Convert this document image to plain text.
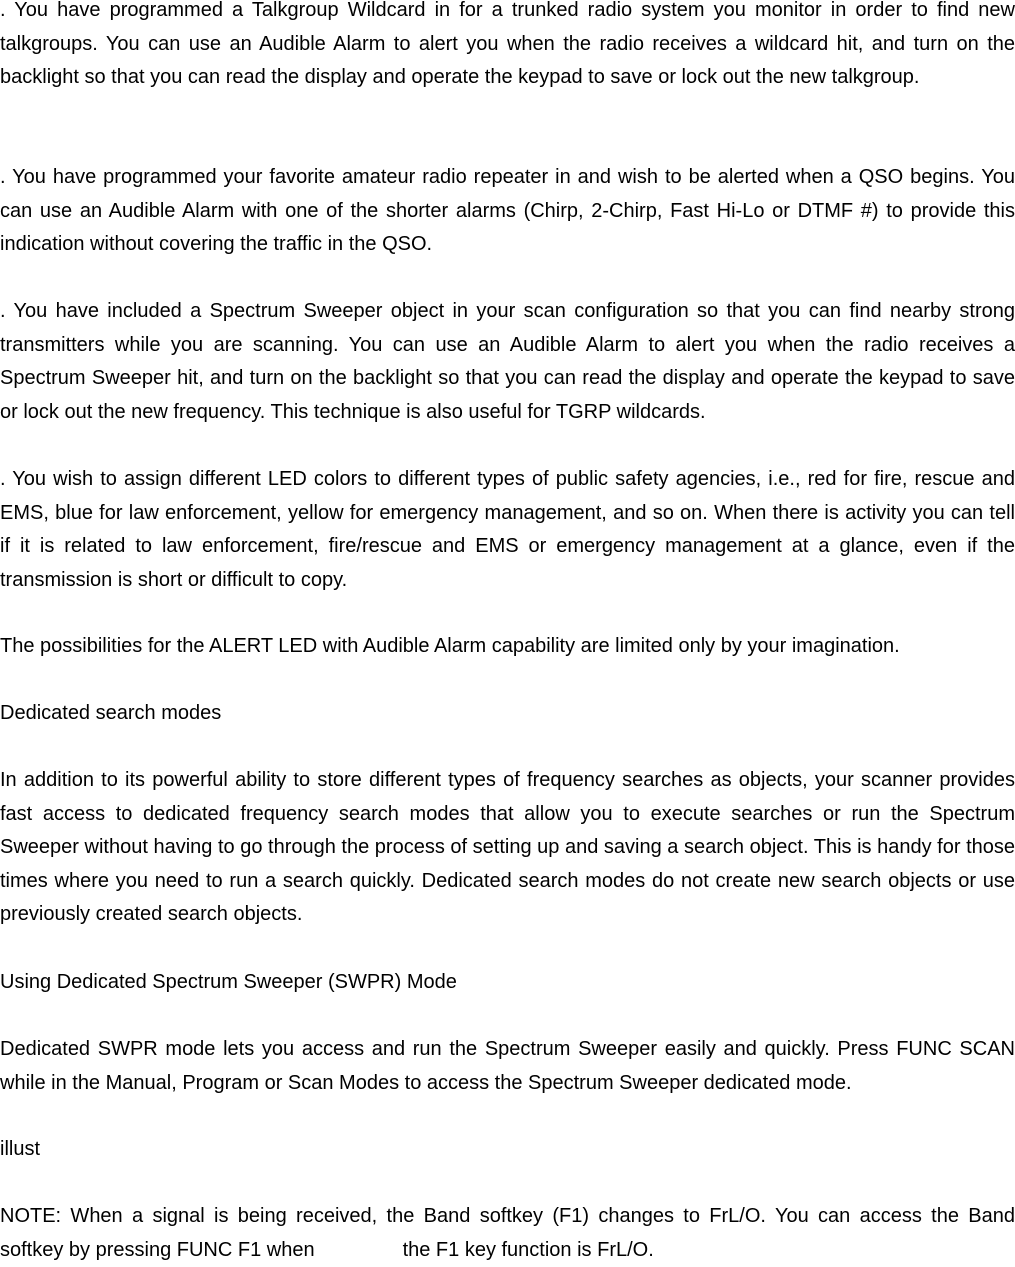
. You have programmed a Talkgroup Wildcard in for a trunked radio system you monitor in order to find new talkgroups. You can use an Audible Alarm to alert you when the radio receives a wildcard hit, and turn on the backlight so that you can read the display and operate the keypad to save or lock out the new talkgroup.

. You have programmed your favorite amateur radio repeater in and wish to be alerted when a QSO begins. You can use an Audible Alarm with one of the shorter alarms (Chirp, 2-Chirp, Fast Hi-Lo or DTMF #) to provide this indication without covering the traffic in the QSO.

. You have included a Spectrum Sweeper object in your scan configuration so that you can find nearby strong transmitters while you are scanning. You can use an Audible Alarm to alert you when the radio receives a Spectrum Sweeper hit, and turn on the backlight so that you can read the display and operate the keypad to save or lock out the new frequency. This technique is also useful for TGRP wildcards.

. You wish to assign different LED colors to different types of public safety agencies, i.e., red for fire, rescue and EMS, blue for law enforcement, yellow for emergency management, and so on. When there is activity you can tell if it is related to law enforcement, fire/rescue and EMS or emergency management at a glance, even if the transmission is short or difficult to copy.

The possibilities for the ALERT LED with Audible Alarm capability are limited only by your imagination.

Dedicated search modes

In addition to its powerful ability to store different types of frequency searches as objects, your scanner provides fast access to dedicated frequency search modes that allow you to execute searches or run the Spectrum Sweeper without having to go through the process of setting up and saving a search object. This is handy for those times where you need to run a search quickly. Dedicated search modes do not create new search objects or use previously created search objects.

Using Dedicated Spectrum Sweeper (SWPR) Mode

Dedicated SWPR mode lets you access and run the Spectrum Sweeper easily and quickly. Press FUNC SCAN while in the Manual, Program or Scan Modes to access the Spectrum Sweeper dedicated mode.

illust

NOTE: When a signal is being received, the Band softkey (F1) changes to FrL/O. You can access the Band softkey by pressing FUNC F1 when	the F1 key function is FrL/O.
